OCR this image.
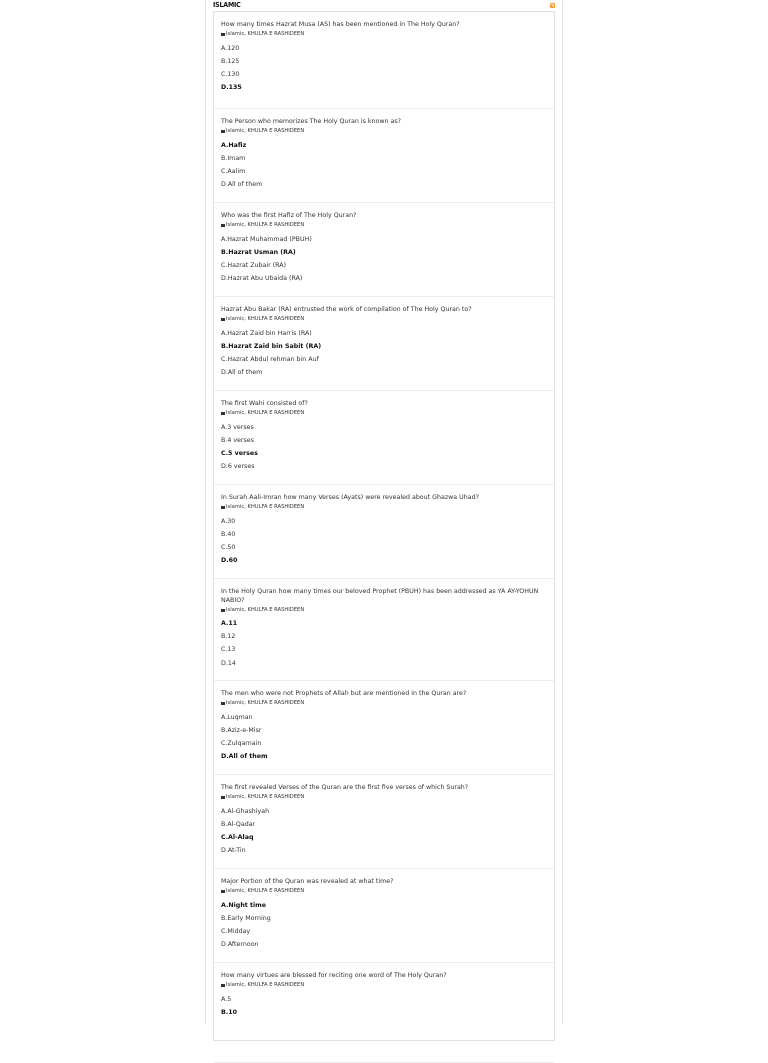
ISLAMIC
How many times Hazrat Musa (AS) has been mentioned in The Holy Quran?
Islamic, KHULFA E RASHIDEEN
A.120
B.125
C.130
D.135
The Person who memorizes The Holy Quran is known as?
Islamic, KHULFA E RASHIDEEN
A.Hafiz
B.Imam
C.Aalim
D.All of them
Who was the first Hafiz of The Holy Quran?
Islamic, KHULFA E RASHIDEEN
A.Hazrat Muhammad (PBUH)
B.Hazrat Usman (RA)
C.Hazrat Zubair (RA)
D.Hazrat Abu Ubaida (RA)
Hazrat Abu Bakar (RA) entrusted the work of compilation of The Holy Quran to?
Islamic, KHULFA E RASHIDEEN
A.Hazrat Zaid bin Harris (RA)
B.Hazrat Zaid bin Sabit (RA)
C.Hazrat Abdul rehman bin Auf
D.All of them
The first Wahi consisted of?
Islamic, KHULFA E RASHIDEEN
A.3 verses
B.4 verses
C.5 verses
D.6 verses
In Surah Aali-Imran how many Verses (Ayats) were revealed about Ghazwa Uhad?
Islamic, KHULFA E RASHIDEEN
A.30
B.40
C.50
D.60
In the Holy Quran how many times our beloved Prophet (PBUH) has been addressed as YA AY-YOHUN NABIO?
Islamic, KHULFA E RASHIDEEN
A.11
B.12
C.13
D.14
The men who were not Prophets of Allah but are mentioned in the Quran are?
Islamic, KHULFA E RASHIDEEN
A.Luqman
B.Aziz-e-Misr
C.Zulqarnain
D.All of them
The first revealed Verses of the Quran are the first five verses of which Surah?
Islamic, KHULFA E RASHIDEEN
A.Al-Ghashiyah
B.Al-Qadar
C.Al-Alaq
D.At-Tin
Major Portion of the Quran was revealed at what time?
Islamic, KHULFA E RASHIDEEN
A.Night time
B.Early Morning
C.Midday
D.Afternoon
How many virtues are blessed for reciting one word of The Holy Quran?
Islamic, KHULFA E RASHIDEEN
A.5
B.10
